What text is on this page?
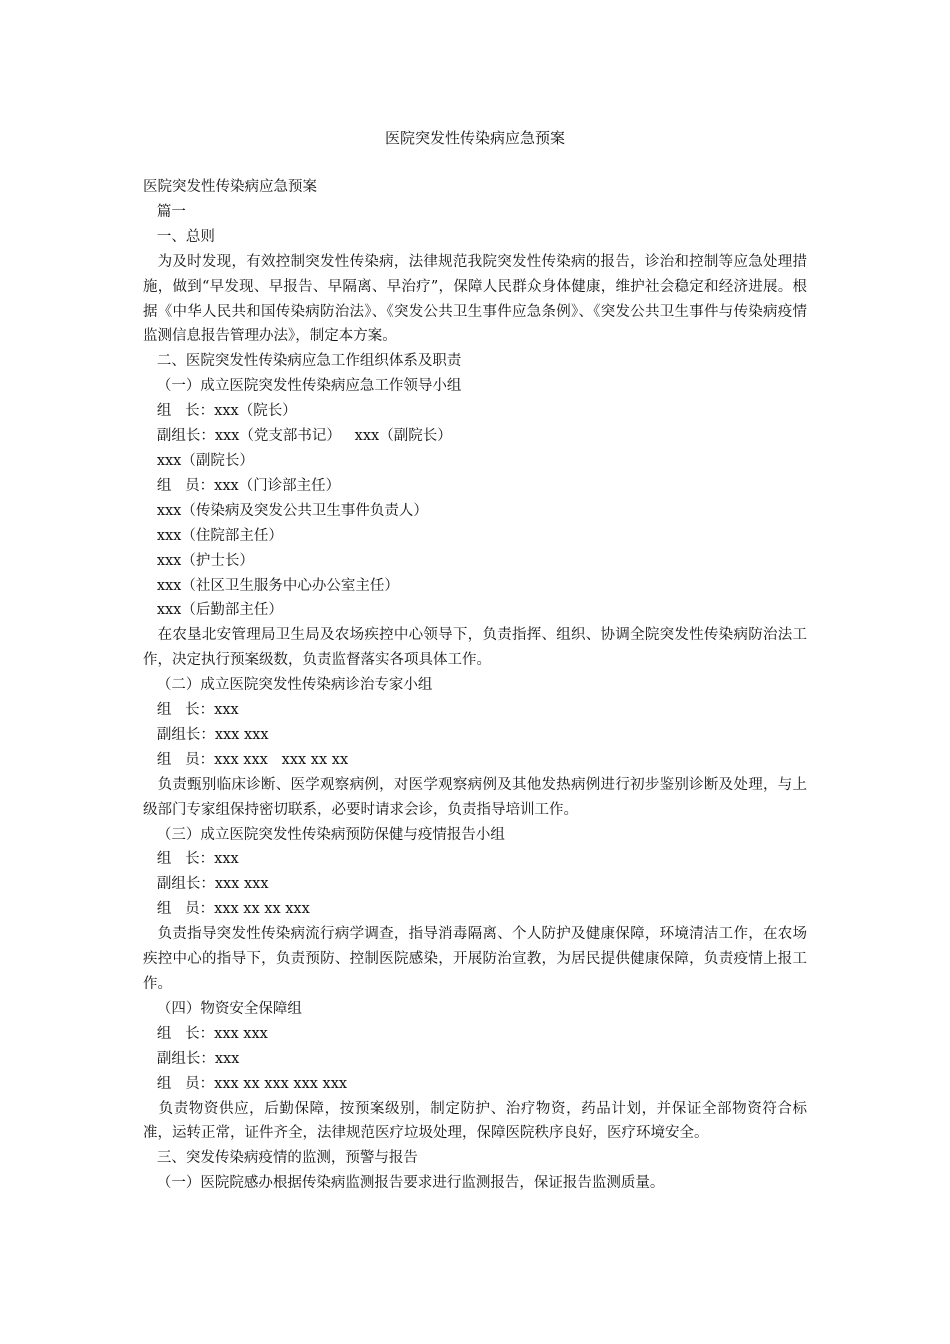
医院突发性传染病应急预案

医院突发性传染病应急预案

篇一

一、总则

为及时发现，有效控制突发性传染病，法律规范我院突发性传染病的报告，诊治和控制等应急处理措施，做到“早发现、早报告、早隔离、早治疗”，保障人民群众身体健康，维护社会稳定和经济进展。根据《中华人民共和国传染病防治法》、《突发公共卫生事件应急条例》、《突发公共卫生事件与传染病疫情监测信息报告管理办法》，制定本方案。

二、医院突发性传染病应急工作组织体系及职责

（一）成立医院突发性传染病应急工作领导小组

组   长：xxx（院长）

副组长：xxx（党支部书记）   xxx（副院长）

xxx（副院长）

组   员：xxx（门诊部主任）

xxx（传染病及突发公共卫生事件负责人）

xxx（住院部主任）

xxx（护士长）

xxx（社区卫生服务中心办公室主任）

xxx（后勤部主任）

在农垦北安管理局卫生局及农场疾控中心领导下，负责指挥、组织、协调全院突发性传染病防治法工作，决定执行预案级数，负责监督落实各项具体工作。

（二）成立医院突发性传染病诊治专家小组

组   长：xxx

副组长：xxx xxx

组   员：xxx xxx   xxx xx xx

负责甄别临床诊断、医学观察病例，对医学观察病例及其他发热病例进行初步鉴别诊断及处理，与上级部门专家组保持密切联系，必要时请求会诊，负责指导培训工作。

（三）成立医院突发性传染病预防保健与疫情报告小组

组   长：xxx

副组长：xxx xxx

组   员：xxx xx xx xxx

负责指导突发性传染病流行病学调查，指导消毒隔离、个人防护及健康保障，环境清洁工作，在农场疾控中心的指导下，负责预防、控制医院感染，开展防治宣教，为居民提供健康保障，负责疫情上报工作。

（四）物资安全保障组

组   长：xxx xxx

副组长：xxx

组   员：xxx xx xxx xxx xxx

负责物资供应，后勤保障，按预案级别，制定防护、治疗物资，药品计划，并保证全部物资符合标准，运转正常，证件齐全，法律规范医疗垃圾处理，保障医院秩序良好，医疗环境安全。

三、突发传染病疫情的监测，预警与报告

（一）医院院感办根据传染病监测报告要求进行监测报告，保证报告监测质量。
